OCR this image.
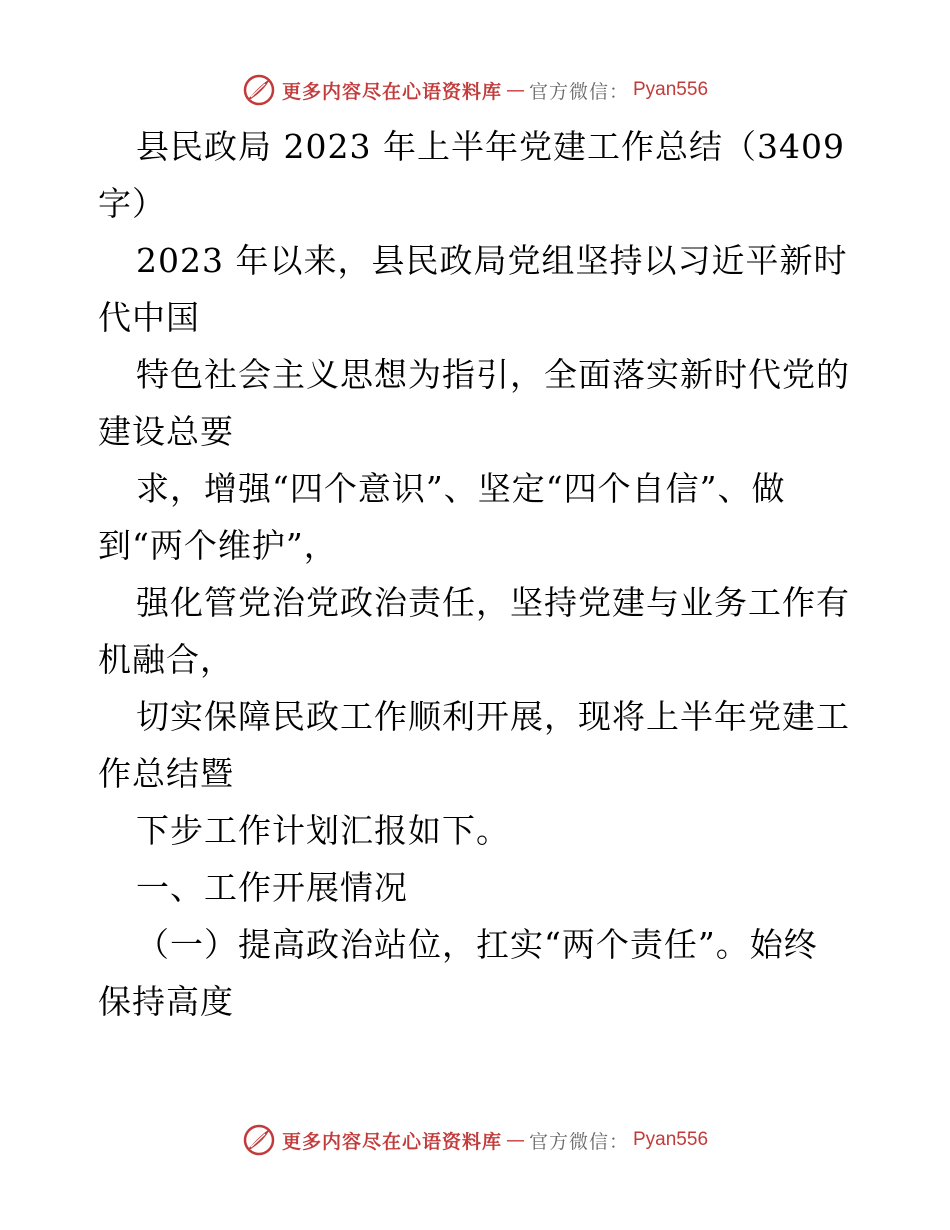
更多内容尽在心语资料库 — 官方微信： Pyan556
县民政局 2023 年上半年党建工作总结（3409
字）
2023 年以来，县民政局党组坚持以习近平新时
代中国
特色社会主义思想为指引，全面落实新时代党的
建设总要
求，增强“四个意识”、坚定“四个自信”、做
到“两个维护”，
强化管党治党政治责任，坚持党建与业务工作有
机融合，
切实保障民政工作顺利开展，现将上半年党建工
作总结暨
下步工作计划汇报如下。
一、工作开展情况
（一）提高政治站位，扛实“两个责任”。始终
保持高度
更多内容尽在心语资料库 — 官方微信： Pyan556
